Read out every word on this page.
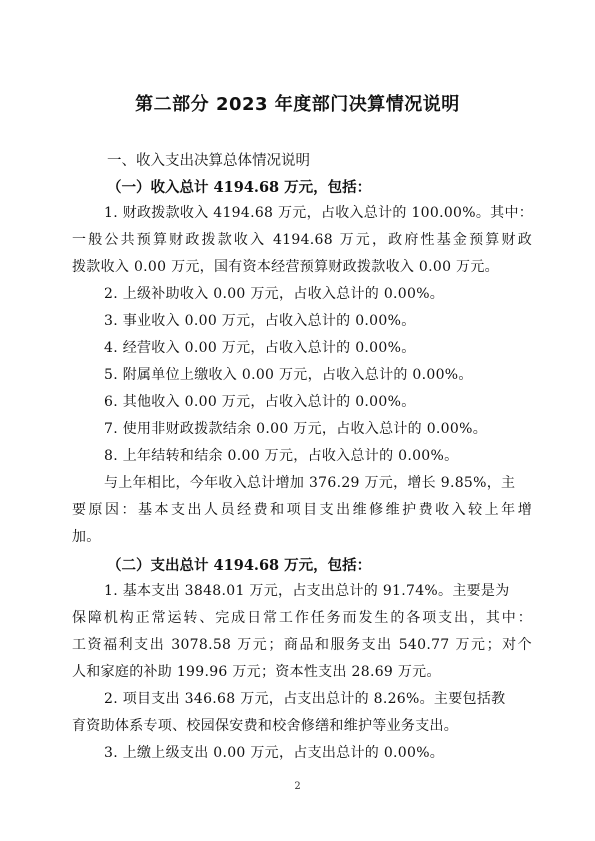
第二部分 2023 年度部门决算情况说明
一、收入支出决算总体情况说明
（一）收入总计 4194.68 万元，包括：
1. 财政拨款收入 4194.68 万元，占收入总计的 100.00%。其中：
一般公共预算财政拨款收入 4194.68 万元，政府性基金预算财政
拨款收入 0.00 万元，国有资本经营预算财政拨款收入 0.00 万元。
2. 上级补助收入 0.00 万元，占收入总计的 0.00%。
3. 事业收入 0.00 万元，占收入总计的 0.00%。
4. 经营收入 0.00 万元，占收入总计的 0.00%。
5. 附属单位上缴收入 0.00 万元，占收入总计的 0.00%。
6. 其他收入 0.00 万元，占收入总计的 0.00%。
7. 使用非财政拨款结余 0.00 万元，占收入总计的 0.00%。
8. 上年结转和结余 0.00 万元，占收入总计的 0.00%。
与上年相比，今年收入总计增加 376.29 万元，增长 9.85%，主
要原因：基本支出人员经费和项目支出维修维护费收入较上年增
加。
（二）支出总计 4194.68 万元，包括：
1. 基本支出 3848.01 万元，占支出总计的 91.74%。主要是为
保障机构正常运转、完成日常工作任务而发生的各项支出，其中：
工资福利支出 3078.58 万元；商品和服务支出 540.77 万元；对个
人和家庭的补助 199.96 万元；资本性支出 28.69 万元。
2. 项目支出 346.68 万元，占支出总计的 8.26%。主要包括教
育资助体系专项、校园保安费和校舍修缮和维护等业务支出。
3. 上缴上级支出 0.00 万元，占支出总计的 0.00%。
2
